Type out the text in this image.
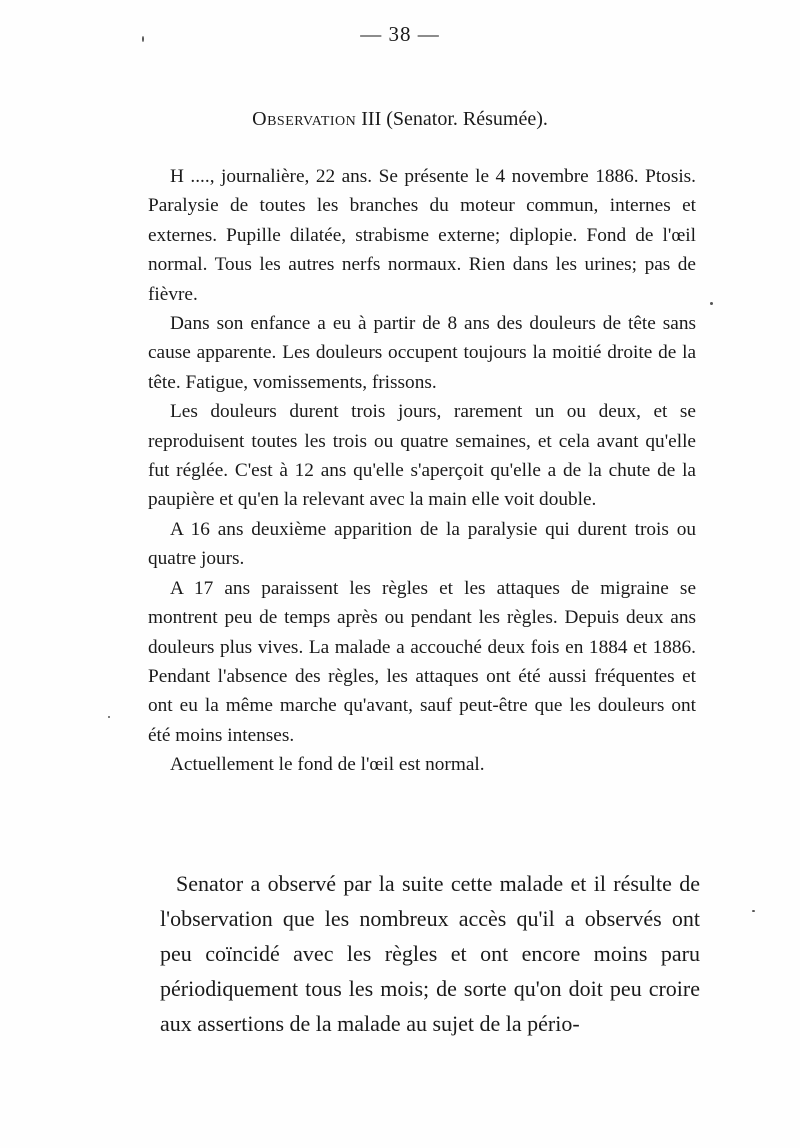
— 38 —
Observation III (Senator. Résumée).

H ...., journalière, 22 ans. Se présente le 4 novembre 1886. Ptosis. Paralysie de toutes les branches du moteur commun, internes et externes. Pupille dilatée, strabisme externe; diplopie. Fond de l'œil normal. Tous les autres nerfs normaux. Rien dans les urines; pas de fièvre.

Dans son enfance a eu à partir de 8 ans des douleurs de tête sans cause apparente. Les douleurs occupent toujours la moitié droite de la tête. Fatigue, vomissements, frissons.

Les douleurs durent trois jours, rarement un ou deux, et se reproduisent toutes les trois ou quatre semaines, et cela avant qu'elle fut réglée. C'est à 12 ans qu'elle s'aperçoit qu'elle a de la chute de la paupière et qu'en la relevant avec la main elle voit double.

A 16 ans deuxième apparition de la paralysie qui durent trois ou quatre jours.

A 17 ans paraissent les règles et les attaques de migraine se montrent peu de temps après ou pendant les règles. Depuis deux ans douleurs plus vives. La malade a accouché deux fois en 1884 et 1886. Pendant l'absence des règles, les attaques ont été aussi fréquentes et ont eu la même marche qu'avant, sauf peut-être que les douleurs ont été moins intenses.

Actuellement le fond de l'œil est normal.

Senator a observé par la suite cette malade et il résulte de l'observation que les nombreux accès qu'il a observés ont peu coïncidé avec les règles et ont encore moins paru périodiquement tous les mois; de sorte qu'on doit peu croire aux assertions de la malade au sujet de la pério-
